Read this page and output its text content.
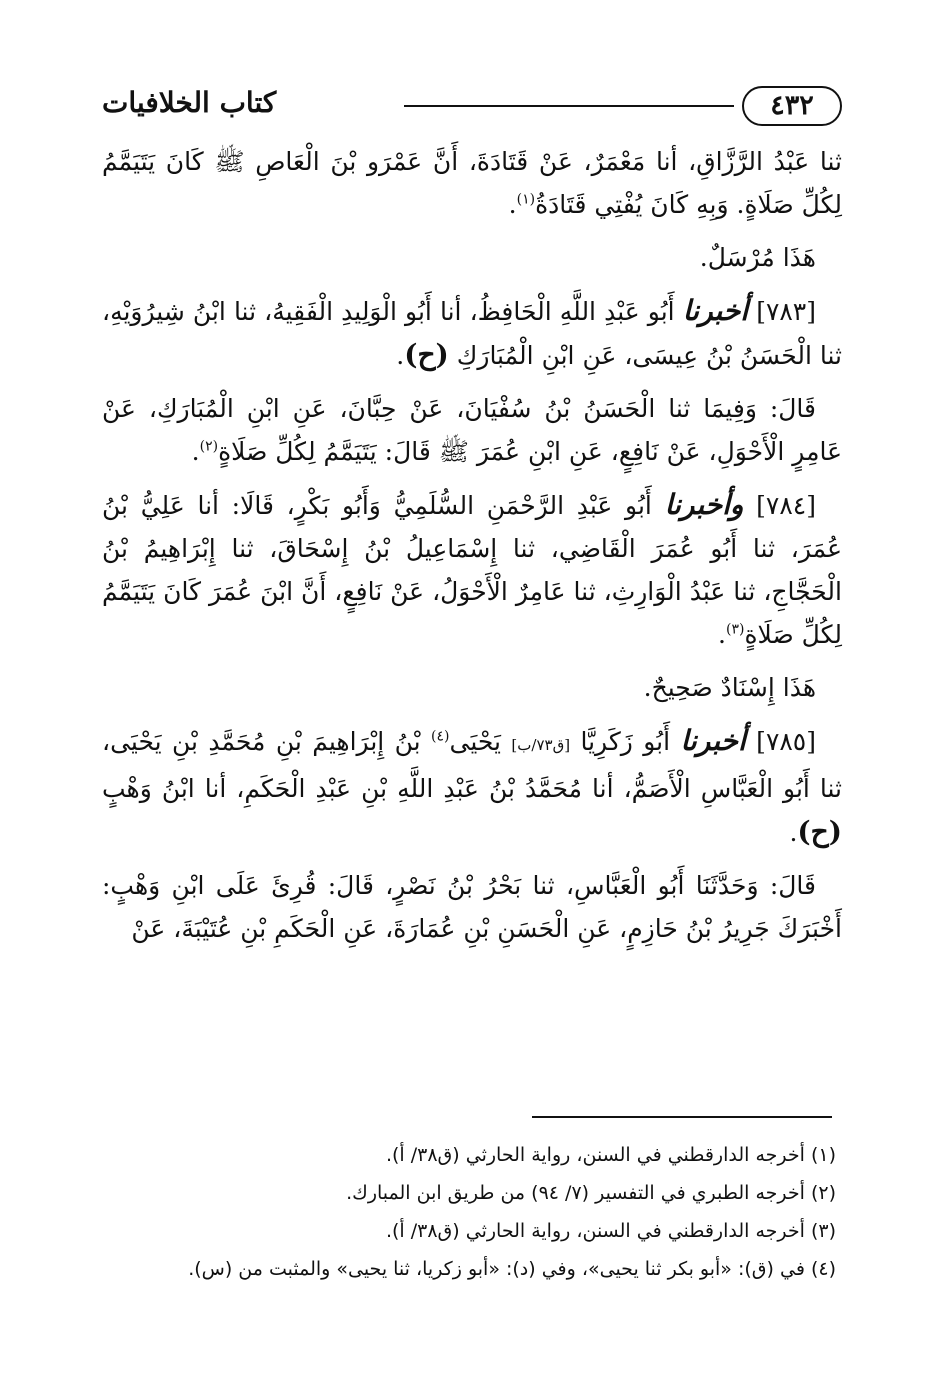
٤٣٢
كتاب الخلافيات

ثنا عَبْدُ الرَّزَّاقِ، أنا مَعْمَرٌ، عَنْ قَتَادَةَ، أَنَّ عَمْرَو بْنَ الْعَاصِ ﷺ كَانَ يَتَيَمَّمُ لِكُلِّ صَلَاةٍ. وَبِهِ كَانَ يُفْتِي قَتَادَةُ$^{(١)}$.

هَذَا مُرْسَلٌ.

[٧٨٣] أخبرنا أَبُو عَبْدِ اللَّهِ الْحَافِظُ، أنا أَبُو الْوَلِيدِ الْفَقِيهُ، ثنا ابْنُ شِيرُوَيْهِ، ثنا الْحَسَنُ بْنُ عِيسَى، عَنِ ابْنِ الْمُبَارَكِ (ح).

قَالَ: وَفِيمَا ثنا الْحَسَنُ بْنُ سُفْيَانَ، عَنْ حِبَّانَ، عَنِ ابْنِ الْمُبَارَكِ، عَنْ عَامِرٍ الْأَحْوَلِ، عَنْ نَافِعٍ، عَنِ ابْنِ عُمَرَ ﷺ قَالَ: يَتَيَمَّمُ لِكُلِّ صَلَاةٍ$^{(٢)}$.

[٧٨٤] وأخبرنا أَبُو عَبْدِ الرَّحْمَنِ السُّلَمِيُّ وَأَبُو بَكْرٍ، قَالَا: أنا عَلِيُّ بْنُ عُمَرَ، ثنا أَبُو عُمَرَ الْقَاضِي، ثنا إِسْمَاعِيلُ بْنُ إِسْحَاقَ، ثنا إِبْرَاهِيمُ بْنُ الْحَجَّاجِ، ثنا عَبْدُ الْوَارِثِ، ثنا عَامِرٌ الْأَحْوَلُ، عَنْ نَافِعٍ، أَنَّ ابْنَ عُمَرَ كَانَ يَتَيَمَّمُ لِكُلِّ صَلَاةٍ$^{(٣)}$.

هَذَا إِسْنَادٌ صَحِيحٌ.

[٧٨٥] أخبرنا أَبُو زَكَرِيَّا [ق٧٣/ب] يَحْيَى$^{(٤)}$ بْنُ إِبْرَاهِيمَ بْنِ مُحَمَّدِ بْنِ يَحْيَى، ثنا أَبُو الْعَبَّاسِ الْأَصَمُّ، أنا مُحَمَّدُ بْنُ عَبْدِ اللَّهِ بْنِ عَبْدِ الْحَكَمِ، أنا ابْنُ وَهْبٍ (ح).

قَالَ: وَحَدَّثَنَا أَبُو الْعَبَّاسِ، ثنا بَحْرُ بْنُ نَصْرٍ، قَالَ: قُرِئَ عَلَى ابْنِ وَهْبٍ: أَخْبَرَكَ جَرِيرُ بْنُ حَازِمٍ، عَنِ الْحَسَنِ بْنِ عُمَارَةَ، عَنِ الْحَكَمِ بْنِ عُتَيْبَةَ، عَنْ

(١) أخرجه الدارقطني في السنن، رواية الحارثي (ق٣٨/ أ).

(٢) أخرجه الطبري في التفسير (٧/ ٩٤) من طريق ابن المبارك.

(٣) أخرجه الدارقطني في السنن، رواية الحارثي (ق٣٨/ أ).

(٤) في (ق): «أبو بكر ثنا يحيى»، وفي (د): «أبو زكريا، ثنا يحيى» والمثبت من (س).
